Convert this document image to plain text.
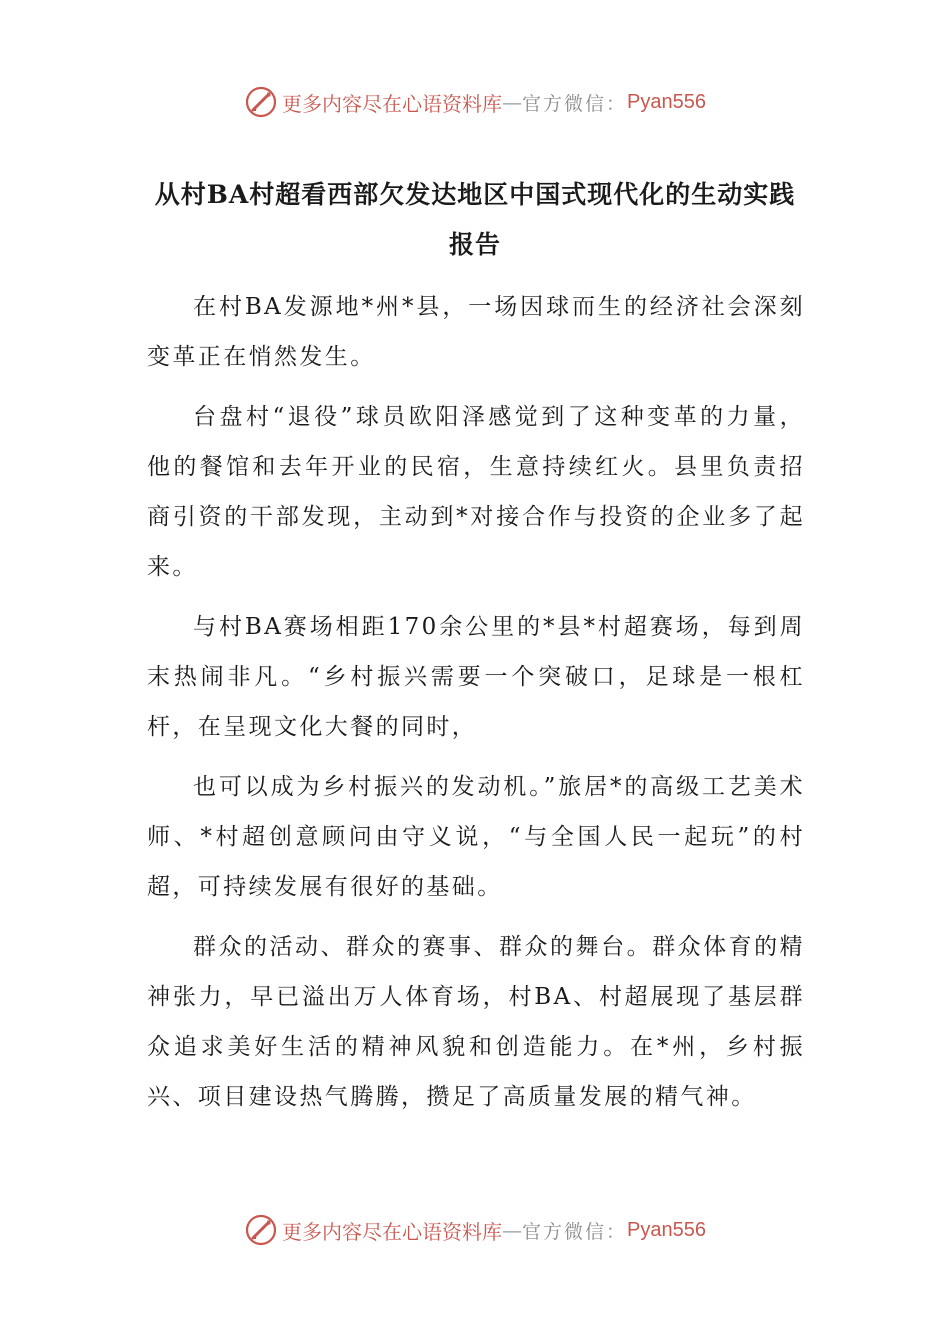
更多内容尽在心语资料库 — 官方微信： Pyan556
从村BA村超看西部欠发达地区中国式现代化的生动实践报告

在村BA发源地*州*县，一场因球而生的经济社会深刻变革正在悄然发生。

台盘村“退役”球员欧阳泽感觉到了这种变革的力量，他的餐馆和去年开业的民宿，生意持续红火。县里负责招商引资的干部发现，主动到*对接合作与投资的企业多了起来。

与村BA赛场相距170余公里的*县*村超赛场，每到周末热闹非凡。“乡村振兴需要一个突破口，足球是一根杠杆，在呈现文化大餐的同时，

也可以成为乡村振兴的发动机。”旅居*的高级工艺美术师、*村超创意顾问由守义说，“与全国人民一起玩”的村超，可持续发展有很好的基础。

群众的活动、群众的赛事、群众的舞台。群众体育的精神张力，早已溢出万人体育场，村BA、村超展现了基层群众追求美好生活的精神风貌和创造能力。在*州，乡村振兴、项目建设热气腾腾，攒足了高质量发展的精气神。

更多内容尽在心语资料库 — 官方微信： Pyan556
